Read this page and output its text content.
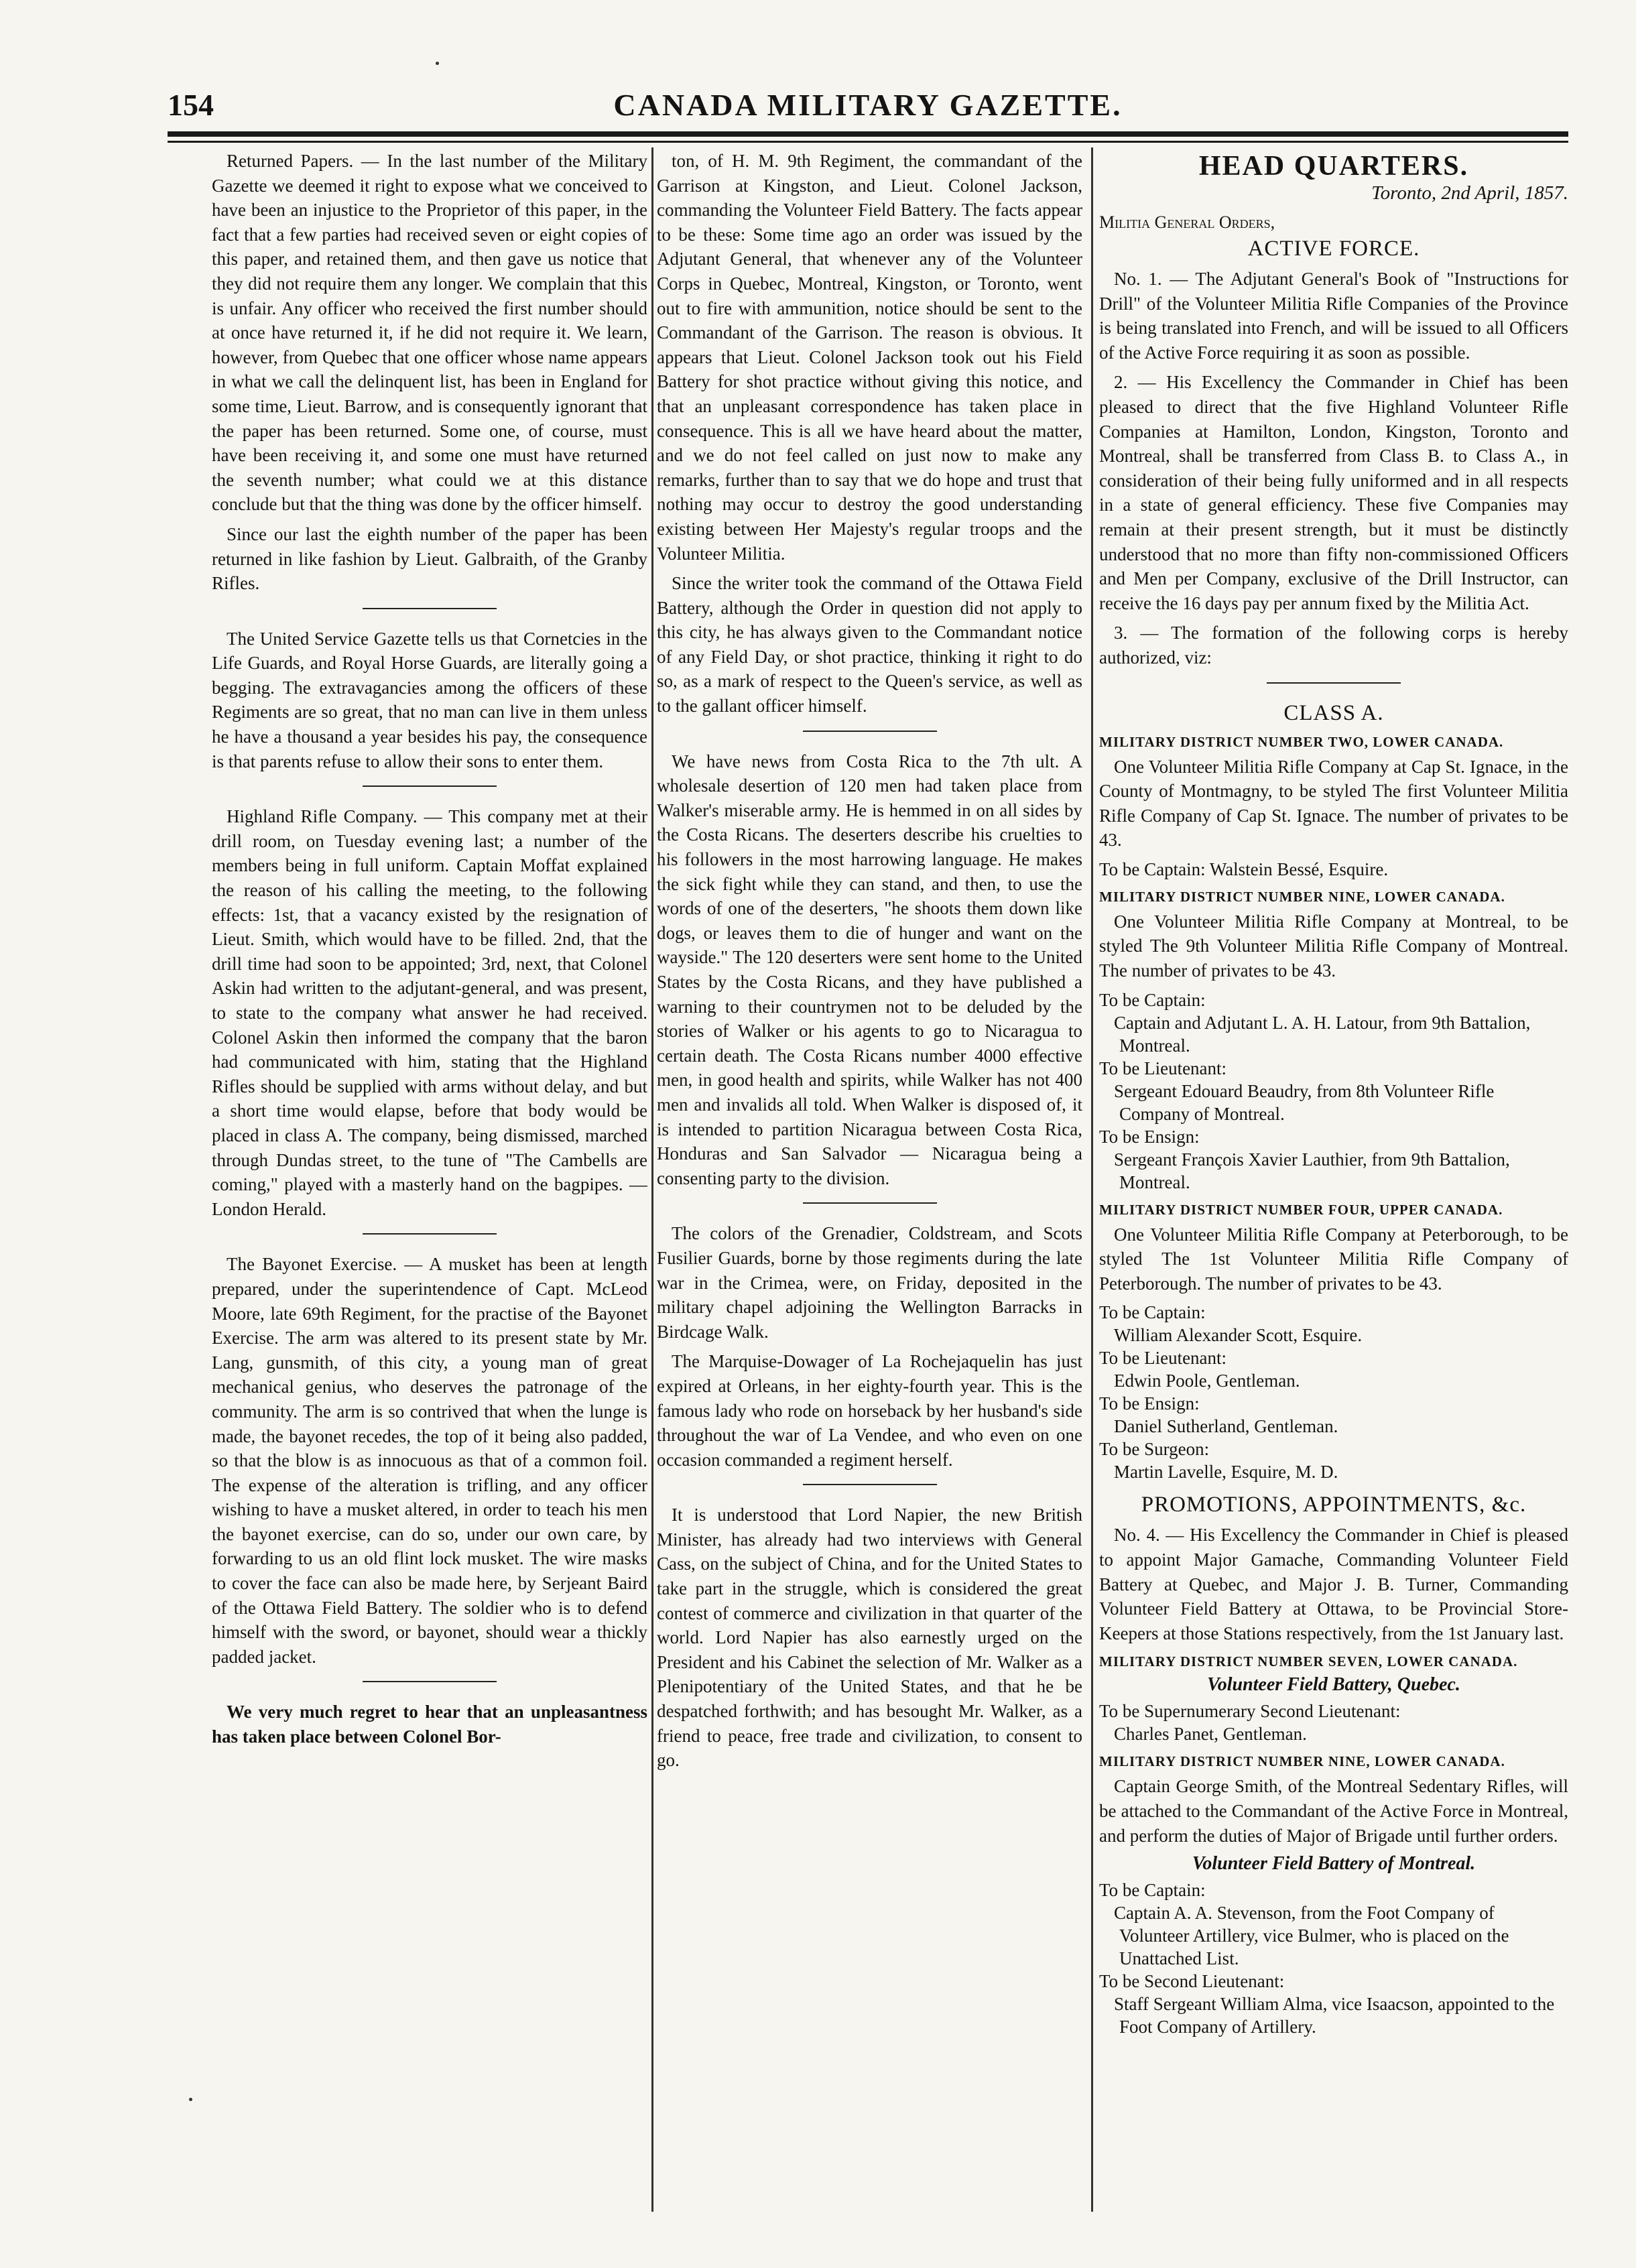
154	CANADA MILITARY GAZETTE.

Returned Papers. — In the last number of the Military Gazette we deemed it right to expose what we conceived to have been an injustice to the Proprietor of this paper, in the fact that a few parties had received seven or eight copies of this paper, and retained them, and then gave us notice that they did not require them any longer. We complain that this is unfair. Any officer who received the first number should at once have returned it, if he did not require it. We learn, however, from Quebec that one officer whose name appears in what we call the delinquent list, has been in England for some time, Lieut. Barrow, and is consequently ignorant that the paper has been returned. Some one, of course, must have been receiving it, and some one must have returned the seventh number; what could we at this distance conclude but that the thing was done by the officer himself.

Since our last the eighth number of the paper has been returned in like fashion by Lieut. Galbraith, of the Granby Rifles.

The United Service Gazette tells us that Cornetcies in the Life Guards, and Royal Horse Guards, are literally going a begging. The extravagancies among the officers of these Regiments are so great, that no man can live in them unless he have a thousand a year besides his pay, the consequence is that parents refuse to allow their sons to enter them.

Highland Rifle Company. — This company met at their drill room, on Tuesday evening last; a number of the members being in full uniform. Captain Moffat explained the reason of his calling the meeting, to the following effects: 1st, that a vacancy existed by the resignation of Lieut. Smith, which would have to be filled. 2nd, that the drill time had soon to be appointed; 3rd, next, that Colonel Askin had written to the adjutant-general, and was present, to state to the company what answer he had received. Colonel Askin then informed the company that the baron had communicated with him, stating that the Highland Rifles should be supplied with arms without delay, and but a short time would elapse, before that body would be placed in class A. The company, being dismissed, marched through Dundas street, to the tune of "The Cambells are coming," played with a masterly hand on the bagpipes. — London Herald.

The Bayonet Exercise. — A musket has been at length prepared, under the superintendence of Capt. McLeod Moore, late 69th Regiment, for the practise of the Bayonet Exercise. The arm was altered to its present state by Mr. Lang, gunsmith, of this city, a young man of great mechanical genius, who deserves the patronage of the community. The arm is so contrived that when the lunge is made, the bayonet recedes, the top of it being also padded, so that the blow is as innocuous as that of a common foil. The expense of the alteration is trifling, and any officer wishing to have a musket altered, in order to teach his men the bayonet exercise, can do so, under our own care, by forwarding to us an old flint lock musket. The wire masks to cover the face can also be made here, by Serjeant Baird of the Ottawa Field Battery. The soldier who is to defend himself with the sword, or bayonet, should wear a thickly padded jacket.

We very much regret to hear that an unpleasantness has taken place between Colonel Bor-

ton, of H. M. 9th Regiment, the commandant of the Garrison at Kingston, and Lieut. Colonel Jackson, commanding the Volunteer Field Battery. The facts appear to be these: Some time ago an order was issued by the Adjutant General, that whenever any of the Volunteer Corps in Quebec, Montreal, Kingston, or Toronto, went out to fire with ammunition, notice should be sent to the Commandant of the Garrison. The reason is obvious. It appears that Lieut. Colonel Jackson took out his Field Battery for shot practice without giving this notice, and that an unpleasant correspondence has taken place in consequence. This is all we have heard about the matter, and we do not feel called on just now to make any remarks, further than to say that we do hope and trust that nothing may occur to destroy the good understanding existing between Her Majesty's regular troops and the Volunteer Militia.

Since the writer took the command of the Ottawa Field Battery, although the Order in question did not apply to this city, he has always given to the Commandant notice of any Field Day, or shot practice, thinking it right to do so, as a mark of respect to the Queen's service, as well as to the gallant officer himself.

We have news from Costa Rica to the 7th ult. A wholesale desertion of 120 men had taken place from Walker's miserable army. He is hemmed in on all sides by the Costa Ricans. The deserters describe his cruelties to his followers in the most harrowing language. He makes the sick fight while they can stand, and then, to use the words of one of the deserters, "he shoots them down like dogs, or leaves them to die of hunger and want on the wayside." The 120 deserters were sent home to the United States by the Costa Ricans, and they have published a warning to their countrymen not to be deluded by the stories of Walker or his agents to go to Nicaragua to certain death. The Costa Ricans number 4000 effective men, in good health and spirits, while Walker has not 400 men and invalids all told. When Walker is disposed of, it is intended to partition Nicaragua between Costa Rica, Honduras and San Salvador — Nicaragua being a consenting party to the division.

The colors of the Grenadier, Coldstream, and Scots Fusilier Guards, borne by those regiments during the late war in the Crimea, were, on Friday, deposited in the military chapel adjoining the Wellington Barracks in Birdcage Walk.

The Marquise-Dowager of La Rochejaquelin has just expired at Orleans, in her eighty-fourth year. This is the famous lady who rode on horseback by her husband's side throughout the war of La Vendee, and who even on one occasion commanded a regiment herself.

It is understood that Lord Napier, the new British Minister, has already had two interviews with General Cass, on the subject of China, and for the United States to take part in the struggle, which is considered the great contest of commerce and civilization in that quarter of the world. Lord Napier has also earnestly urged on the President and his Cabinet the selection of Mr. Walker as a Plenipotentiary of the United States, and that he be despatched forthwith; and has besought Mr. Walker, as a friend to peace, free trade and civilization, to consent to go.

HEAD QUARTERS.
Toronto, 2nd April, 1857.
Militia General Orders,
ACTIVE FORCE.

No. 1. — The Adjutant General's Book of "Instructions for Drill" of the Volunteer Militia Rifle Companies of the Province is being translated into French, and will be issued to all Officers of the Active Force requiring it as soon as possible.

2. — His Excellency the Commander in Chief has been pleased to direct that the five Highland Volunteer Rifle Companies at Hamilton, London, Kingston, Toronto and Montreal, shall be transferred from Class B. to Class A., in consideration of their being fully uniformed and in all respects in a state of general efficiency. These five Companies may remain at their present strength, but it must be distinctly understood that no more than fifty non-commissioned Officers and Men per Company, exclusive of the Drill Instructor, can receive the 16 days pay per annum fixed by the Militia Act.

3. — The formation of the following corps is hereby authorized, viz:

CLASS A.
MILITARY DISTRICT NUMBER TWO, LOWER CANADA.

One Volunteer Militia Rifle Company at Cap St. Ignace, in the County of Montmagny, to be styled The first Volunteer Militia Rifle Company of Cap St. Ignace. The number of privates to be 43.

To be Captain: Walstein Bessé, Esquire.
MILITARY DISTRICT NUMBER NINE, LOWER CANADA.

One Volunteer Militia Rifle Company at Montreal, to be styled The 9th Volunteer Militia Rifle Company of Montreal. The number of privates to be 43.

To be Captain:
Captain and Adjutant L. A. H. Latour, from 9th Battalion, Montreal.
To be Lieutenant:
Sergeant Edouard Beaudry, from 8th Volunteer Rifle Company of Montreal.
To be Ensign:
Sergeant François Xavier Lauthier, from 9th Battalion, Montreal.
MILITARY DISTRICT NUMBER FOUR, UPPER CANADA.

One Volunteer Militia Rifle Company at Peterborough, to be styled The 1st Volunteer Militia Rifle Company of Peterborough. The number of privates to be 43.

To be Captain:
William Alexander Scott, Esquire.
To be Lieutenant:
Edwin Poole, Gentleman.
To be Ensign:
Daniel Sutherland, Gentleman.
To be Surgeon:
Martin Lavelle, Esquire, M. D.
PROMOTIONS, APPOINTMENTS, &c.

No. 4. — His Excellency the Commander in Chief is pleased to appoint Major Gamache, Commanding Volunteer Field Battery at Quebec, and Major J. B. Turner, Commanding Volunteer Field Battery at Ottawa, to be Provincial Store-Keepers at those Stations respectively, from the 1st January last.

MILITARY DISTRICT NUMBER SEVEN, LOWER CANADA.
Volunteer Field Battery, Quebec.
To be Supernumerary Second Lieutenant:
Charles Panet, Gentleman.
MILITARY DISTRICT NUMBER NINE, LOWER CANADA.

Captain George Smith, of the Montreal Sedentary Rifles, will be attached to the Commandant of the Active Force in Montreal, and perform the duties of Major of Brigade until further orders.

Volunteer Field Battery of Montreal.
To be Captain:
Captain A. A. Stevenson, from the Foot Company of Volunteer Artillery, vice Bulmer, who is placed on the Unattached List.
To be Second Lieutenant:
Staff Sergeant William Alma, vice Isaacson, appointed to the Foot Company of Artillery.
